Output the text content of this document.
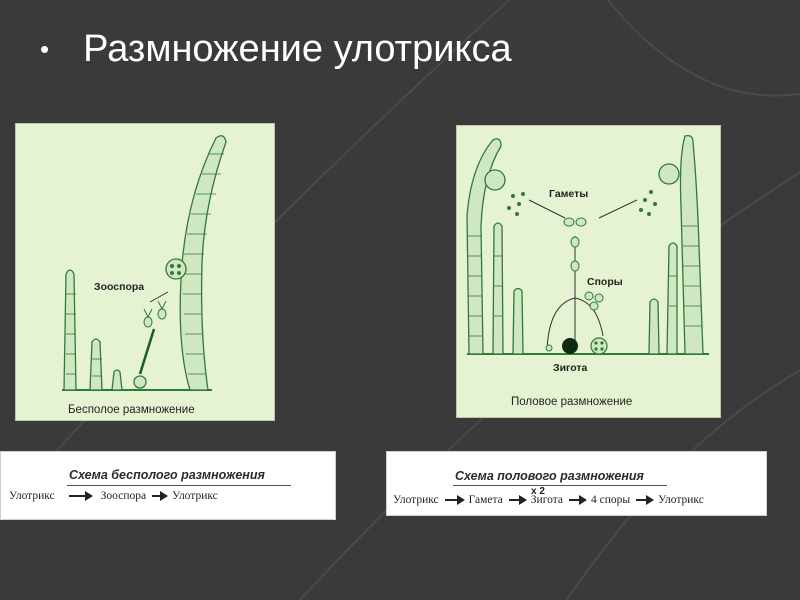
• Размножение улотрикса
Зооспора
Бесполое размножение
Гаметы
Споры
Зигота
Половое размножение
Схема бесполого размножения
Улотрикс	Зооспора Улотрикс
Схема полового размножения
x 2
Улотрикс	Гамета Зигота 4 споры Улотрикс
